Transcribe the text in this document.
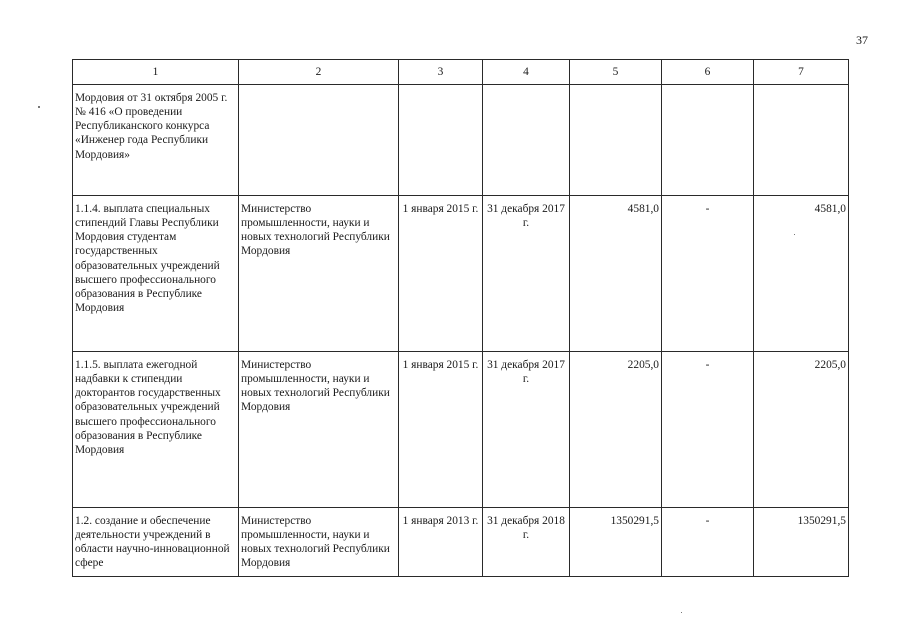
37
1	2	3	4	5	6	7
Мордовия от 31 октября 2005 г. № 416 «О проведении Республиканского конкурса «Инженер года Республики Мордовия»						
1.1.4. выплата специальных стипендий Главы Республики Мордовия студентам государственных образовательных учреждений высшего профессионального образования в Республике Мордовия	Министерство промышленности, науки и новых технологий Республики Мордовия	1 января 2015 г.	31 декабря 2017 г.	4581,0	-	4581,0
1.1.5. выплата ежегодной надбавки к стипендии докторантов государственных образовательных учреждений высшего профессионального образования в Республике Мордовия	Министерство промышленности, науки и новых технологий Республики Мордовия	1 января 2015 г.	31 декабря 2017 г.	2205,0	-	2205,0
1.2. создание и обеспечение деятельности учреждений в области научно-инновационной сфере	Министерство промышленности, науки и новых технологий Республики Мордовия	1 января 2013 г.	31 декабря 2018 г.	1350291,5	-	1350291,5
